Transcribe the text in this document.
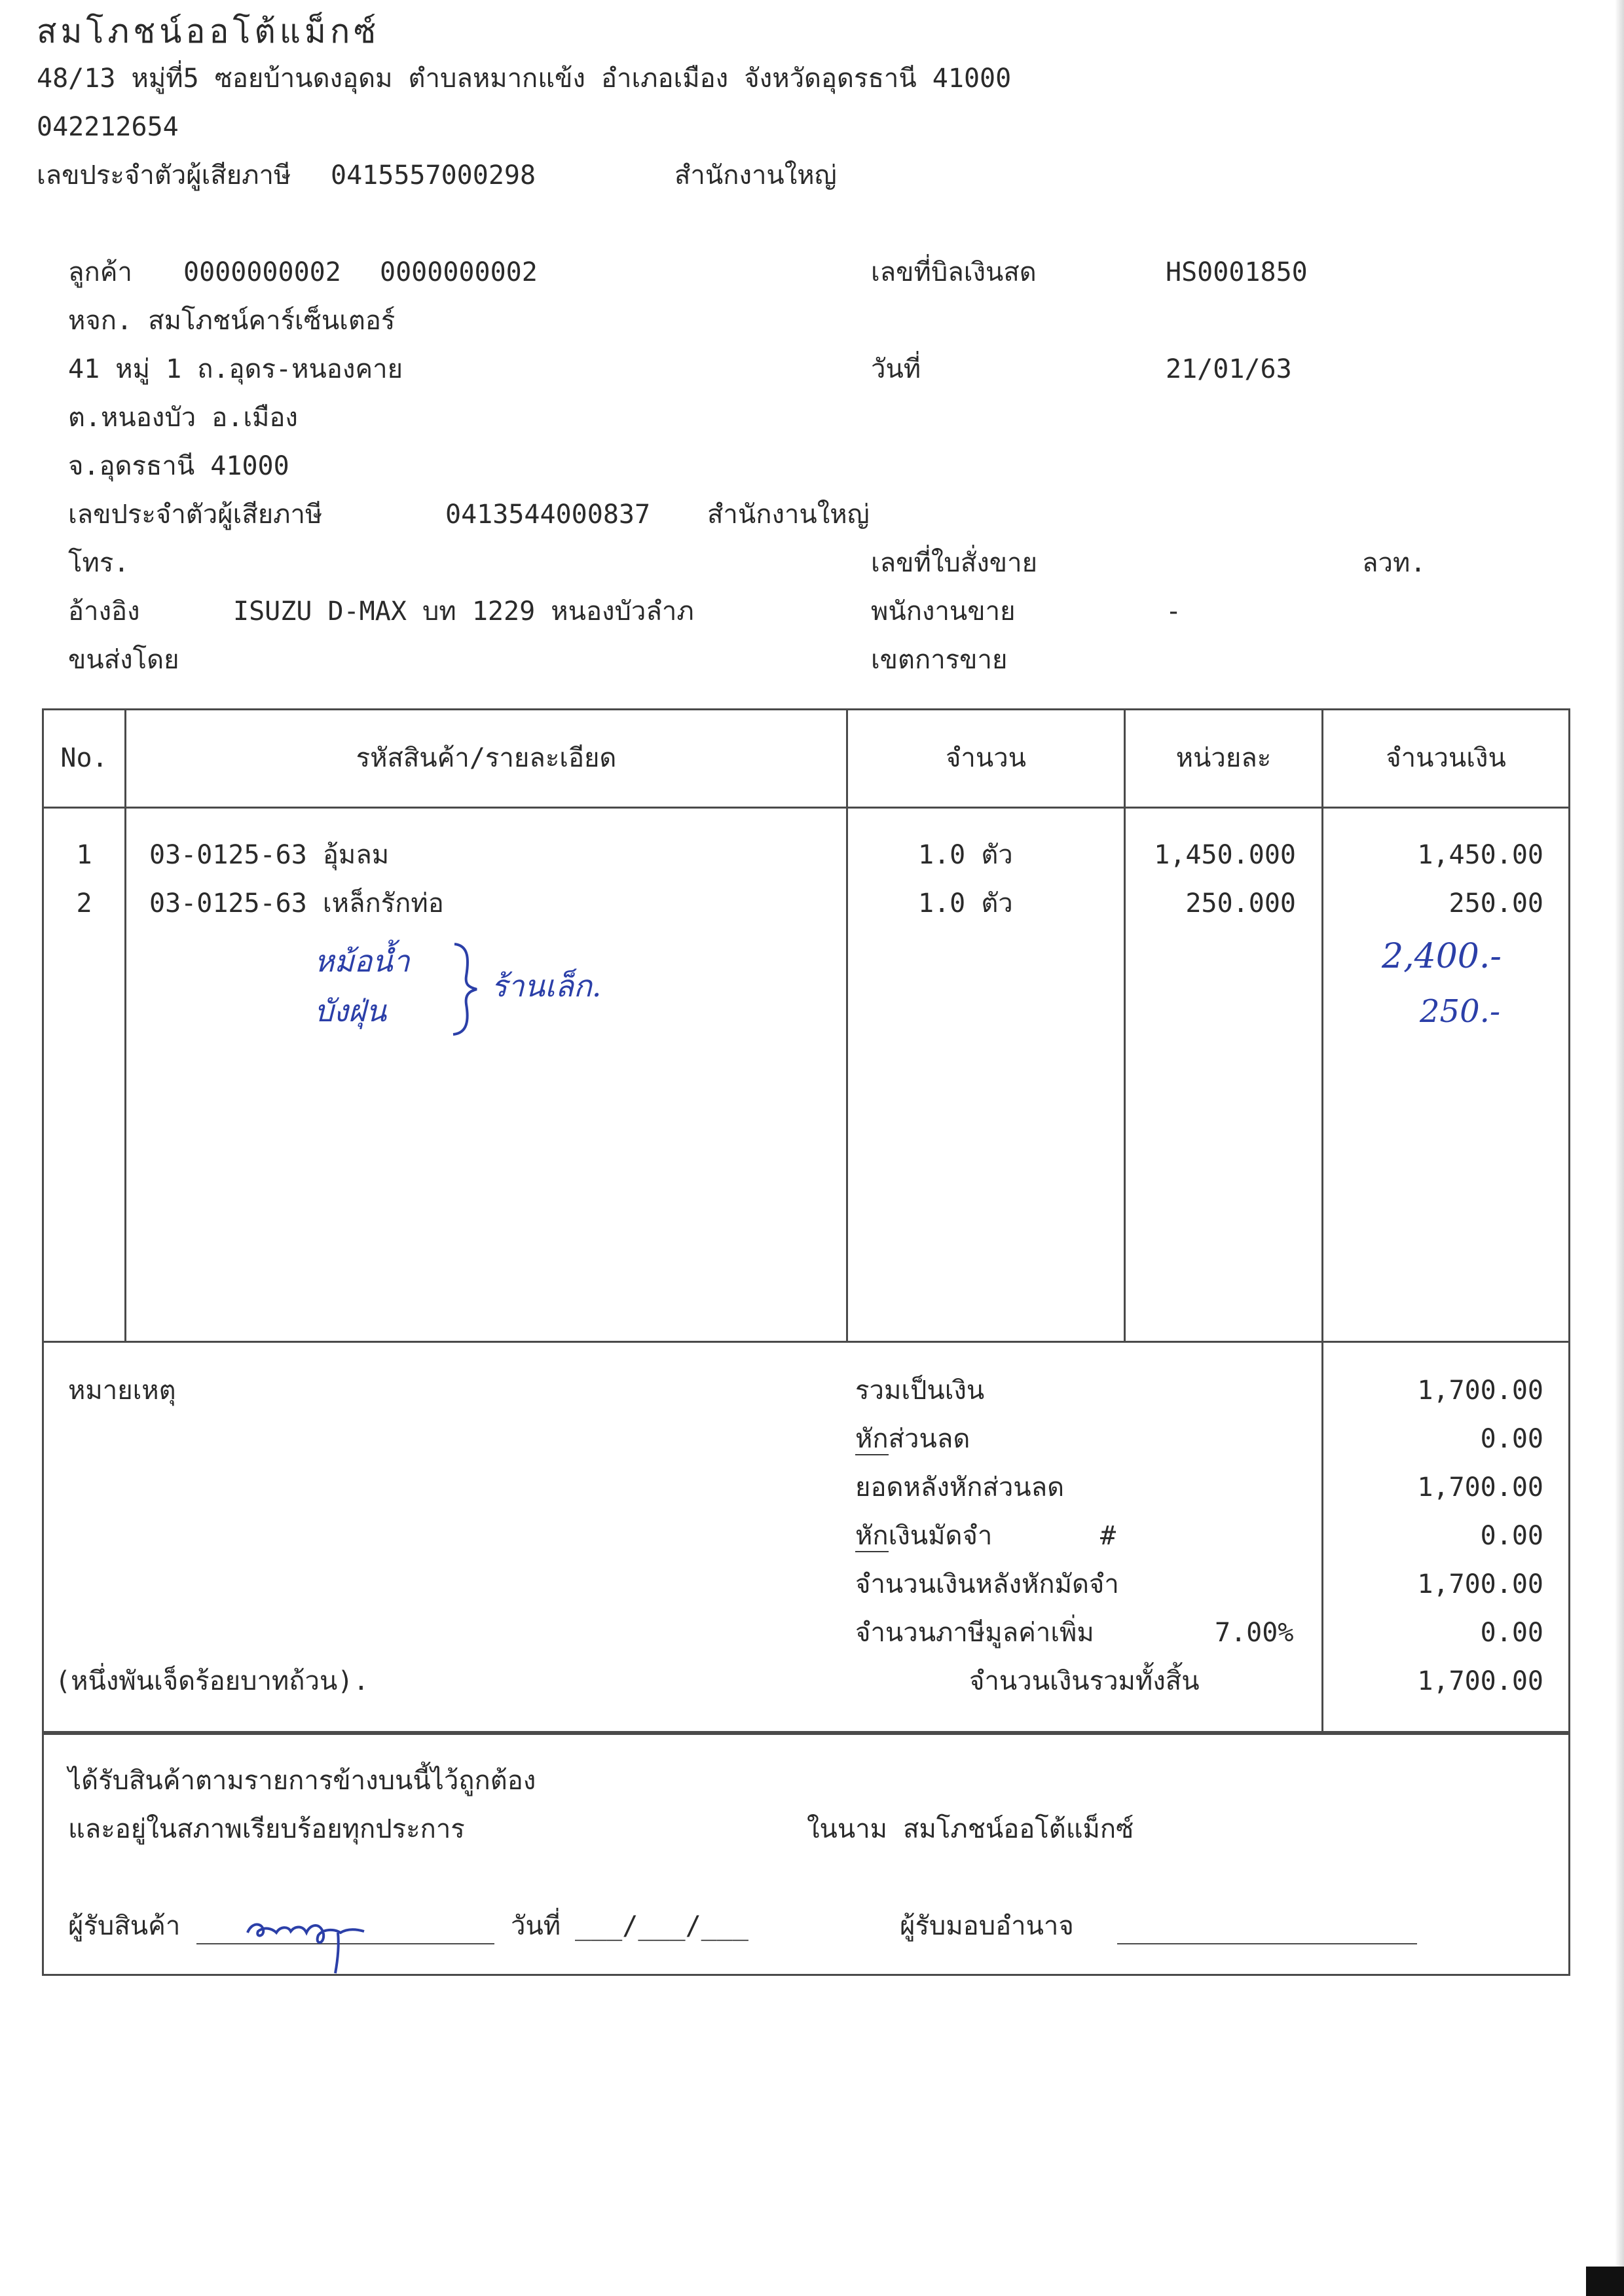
สมโภชน์ออโต้แม็กซ์
48/13 หมู่ที่5 ซอยบ้านดงอุดม ตำบลหมากแข้ง อำเภอเมือง จังหวัดอุดรธานี 41000
042212654
เลขประจำตัวผู้เสียภาษี 0415557000298	สำนักงานใหญ่
ลูกค้า 0000000002 0000000002
หจก. สมโภชน์คาร์เซ็นเตอร์
41 หมู่ 1 ถ.อุดร-หนองคาย
ต.หนองบัว อ.เมือง
จ.อุดรธานี 41000
เลขประจำตัวผู้เสียภาษี	0413544000837 สำนักงานใหญ่
โทร.
อ้างอิง	ISUZU D-MAX บท 1229 หนองบัวลำภ
ขนส่งโดย
เลขที่บิลเงินสด	HS0001850
วันที่	21/01/63
เลขที่ใบสั่งขาย	ลวท.
พนักงานขาย	-
เขตการขาย
No.	รหัสสินค้า/รายละเอียด	จำนวน	หน่วยละ	จำนวนเงิน
1	03-0125-63 อุ้มลม	1.0 ตัว	1,450.000	1,450.00
2	03-0125-63 เหล็กรักท่อ	1.0 ตัว	250.000	250.00
หม้อน้ำ
บังฝุ่น
ร้านเล็ก.
2,400.-
250.-
หมายเหตุ	รวมเป็นเงิน	1,700.00
หักส่วนลด	0.00
ยอดหลังหักส่วนลด	1,700.00
หักเงินมัดจำ	#	0.00
จำนวนเงินหลังหักมัดจำ	1,700.00
จำนวนภาษีมูลค่าเพิ่ม	7.00%	0.00
(หนึ่งพันเจ็ดร้อยบาทถ้วน).	จำนวนเงินรวมทั้งสิ้น	1,700.00
ได้รับสินค้าตามรายการข้างบนนี้ไว้ถูกต้อง
และอยู่ในสภาพเรียบร้อยทุกประการ	ในนาม สมโภชน์ออโต้แม็กซ์
ผู้รับสินค้า	วันที่ ___/___/___	ผู้รับมอบอำนาจ
